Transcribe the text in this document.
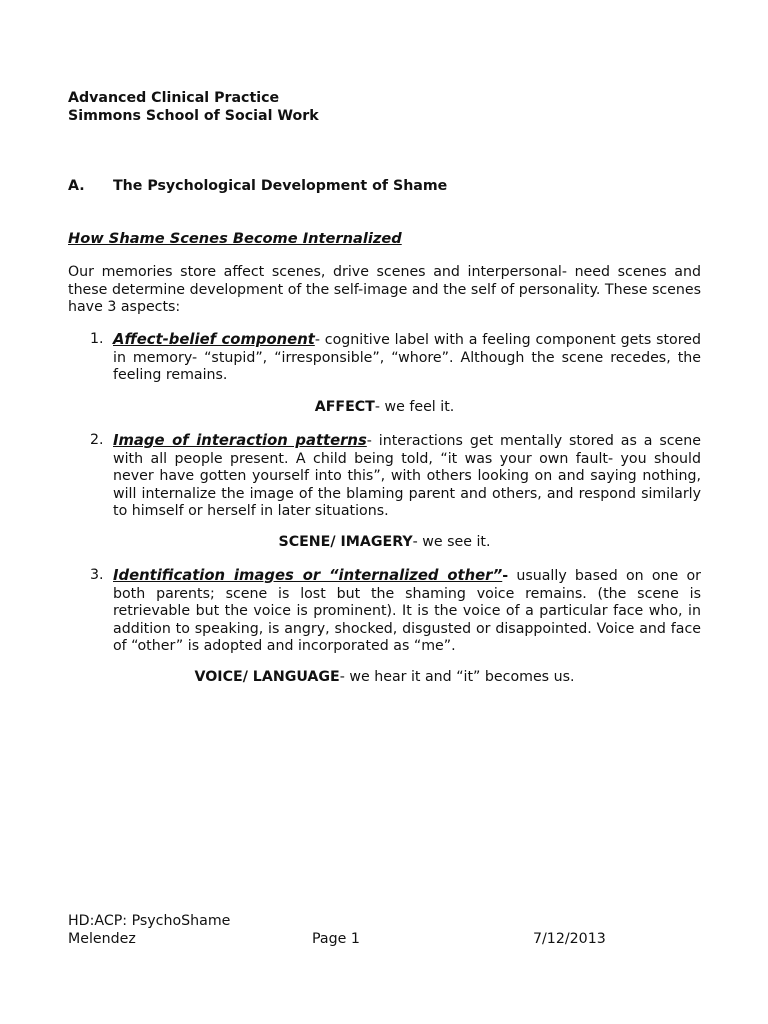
Advanced Clinical Practice
Simmons School of Social Work
A. The Psychological Development of Shame
How Shame Scenes Become Internalized
Our memories store affect scenes, drive scenes and interpersonal- need scenes and these determine development of the self-image and the self of personality. These scenes have 3 aspects:
1. Affect-belief component- cognitive label with a feeling component gets stored in memory- “stupid”, “irresponsible”, “whore”. Although the scene recedes, the feeling remains.
AFFECT- we feel it.
2. Image of interaction patterns- interactions get mentally stored as a scene with all people present. A child being told, “it was your own fault- you should never have gotten yourself into this”, with others looking on and saying nothing, will internalize the image of the blaming parent and others, and respond similarly to himself or herself in later situations.
SCENE/ IMAGERY- we see it.
3. Identification images or “internalized other”- usually based on one or both parents; scene is lost but the shaming voice remains. (the scene is retrievable but the voice is prominent). It is the voice of a particular face who, in addition to speaking, is angry, shocked, disgusted or disappointed. Voice and face of “other” is adopted and incorporated as “me”.
VOICE/ LANGUAGE- we hear it and “it” becomes us.
HD:ACP: PsychoShame
Melendez	Page 1	7/12/2013
